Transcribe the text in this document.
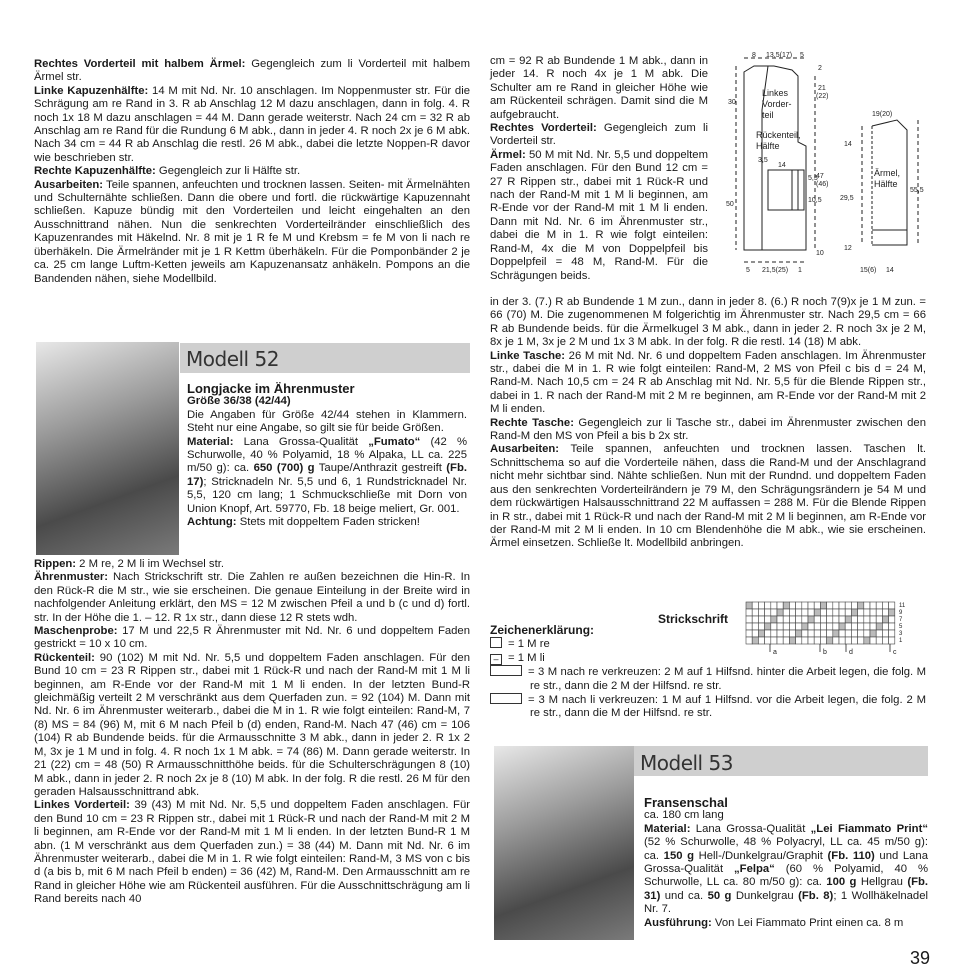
Rechtes Vorderteil mit halbem Ärmel: Gegengleich zum li Vorderteil mit halbem Ärmel str.

Linke Kapuzenhälfte: 14 M mit Nd. Nr. 10 anschlagen. Im Noppenmuster str. Für die Schrägung am re Rand in 3. R ab Anschlag 12 M dazu anschlagen, dann in folg. 4. R noch 1x 18 M dazu anschlagen = 44 M. Dann gerade weiterstr. Nach 24 cm = 32 R ab Anschlag am re Rand für die Rundung 6 M abk., dann in jeder 4. R noch 2x je 6 M abk. Nach 34 cm = 44 R ab Anschlag die restl. 26 M abk., dabei die letzte Noppen-R davor wie beschrieben str.

Rechte Kapuzenhälfte: Gegengleich zur li Hälfte str.

Ausarbeiten: Teile spannen, anfeuchten und trocknen lassen. Seiten- mit Ärmelnähten und Schulternähte schließen. Dann die obere und fortl. die rückwärtige Kapuzennaht schließen. Kapuze bündig mit den Vorderteilen und leicht eingehalten an den Ausschnittrand nähen. Nun die senkrechten Vorderteilränder einschließlich des Kapuzenrandes mit Häkelnd. Nr. 8 mit je 1 R fe M und Krebsm = fe M von li nach re überhäkeln. Die Ärmelränder mit je 1 R Kettm überhäkeln. Für die Pomponbänder 2 je ca. 25 cm lange Luftm-Ketten jeweils am Kapuzenansatz anhäkeln. Pompons an die Bandenden nähen, siehe Modellbild.

Modell 52

Longjacke im Ährenmuster

Größe 36/38 (42/44)

Die Angaben für Größe 42/44 stehen in Klammern. Steht nur eine Angabe, so gilt sie für beide Größen.

Material: Lana Grossa-Qualität „Fumato“ (42 % Schurwolle, 40 % Polyamid, 18 % Alpaka, LL ca. 225 m/50 g): ca. 650 (700) g Taupe/Anthrazit gestreift (Fb. 17); Stricknadeln Nr. 5,5 und 6, 1 Rundstricknadel Nr. 5,5, 120 cm lang; 1 Schmuckschließe mit Dorn von Union Knopf, Art. 59770, Fb. 18 beige meliert, Gr. 001.

Achtung: Stets mit doppeltem Faden stricken!

Rippen: 2 M re, 2 M li im Wechsel str.

Ährenmuster: Nach Strickschrift str. Die Zahlen re außen bezeichnen die Hin-R. In den Rück-R die M str., wie sie erscheinen. Die genaue Einteilung in der Breite wird in nachfolgender Anleitung erklärt, den MS = 12 M zwischen Pfeil a und b (c und d) fortl. str. In der Höhe die 1. – 12. R 1x str., dann diese 12 R stets wdh.

Maschenprobe: 17 M und 22,5 R Ährenmuster mit Nd. Nr. 6 und doppeltem Faden gestrickt = 10 x 10 cm.

Rückenteil: 90 (102) M mit Nd. Nr. 5,5 und doppeltem Faden anschlagen. Für den Bund 10 cm = 23 R Rippen str., dabei mit 1 Rück-R und nach der Rand-M mit 1 M li beginnen, am R-Ende vor der Rand-M mit 1 M li enden. In der letzten Bund-R gleichmäßig verteilt 2 M verschränkt aus dem Querfaden zun. = 92 (104) M. Dann mit Nd. Nr. 6 im Ährenmuster weiterarb., dabei die M in 1. R wie folgt einteilen: Rand-M, 7 (8) MS = 84 (96) M, mit 6 M nach Pfeil b (d) enden, Rand-M. Nach 47 (46) cm = 106 (104) R ab Bundende beids. für die Armausschnitte 3 M abk., dann in jeder 2. R 1x 2 M, 3x je 1 M und in folg. 4. R noch 1x 1 M abk. = 74 (86) M. Dann gerade weiterstr. In 21 (22) cm = 48 (50) R Armausschnitthöhe beids. für die Schulterschrägungen 8 (10) M abk., dann in jeder 2. R noch 2x je 8 (10) M abk. In der folg. R die restl. 26 M für den geraden Halsausschnittrand abk.

Linkes Vorderteil: 39 (43) M mit Nd. Nr. 5,5 und doppeltem Faden anschlagen. Für den Bund 10 cm = 23 R Rippen str., dabei mit 1 Rück-R und nach der Rand-M mit 2 M li beginnen, am R-Ende vor der Rand-M mit 1 M li enden. In der letzten Bund-R 1 M abn. (1 M verschränkt aus dem Querfaden zun.) = 38 (44) M. Dann mit Nd. Nr. 6 im Ährenmuster weiterarb., dabei die M in 1. R wie folgt einteilen: Rand-M, 3 MS von c bis d (a bis b, mit 6 M nach Pfeil b enden) = 36 (42) M, Rand-M. Den Armausschnitt am re Rand in gleicher Höhe wie am Rückenteil ausführen. Für die Ausschnittschrägung am li Rand bereits nach 40

cm = 92 R ab Bundende 1 M abk., dann in jeder 14. R noch 4x je 1 M abk. Die Schulter am re Rand in gleicher Höhe wie am Rückenteil schrägen. Damit sind die M aufgebraucht.

Rechtes Vorderteil: Gegengleich zum li Vorderteil str.

Ärmel: 50 M mit Nd. Nr. 5,5 und doppeltem Faden anschlagen. Für den Bund 12 cm = 27 R Rippen str., dabei mit 1 Rück-R und nach der Rand-M mit 1 M li beginnen, am R-Ende vor der Rand-M mit 1 M li enden. Dann mit Nd. Nr. 6 im Ährenmuster str., dabei die M in 1. R wie folgt einteilen: Rand-M, 4x die M von Doppelpfeil bis Doppelpfeil = 48 M, Rand-M. Für die Schrägungen beids.

8 13,5(17) 5
2
21
(22)
30
47
(46)
10,5
5,5
14
3,5
50
10
5 21,5(25) 1
19(20)
14
29,5
55,5
12
15(6) 14
Linkes
Vorder-
teil
Rückenteil,
Hälfte
Ärmel,
Hälfte

in der 3. (7.) R ab Bundende 1 M zun., dann in jeder 8. (6.) R noch 7(9)x je 1 M zun. = 66 (70) M. Die zugenommenen M folgerichtig im Ährenmuster str. Nach 29,5 cm = 66 R ab Bundende beids. für die Ärmelkugel 3 M abk., dann in jeder 2. R noch 3x je 2 M, 8x je 1 M, 3x je 2 M und 1x 3 M abk. In der folg. R die restl. 14 (18) M abk.

Linke Tasche: 26 M mit Nd. Nr. 6 und doppeltem Faden anschlagen. Im Ährenmuster str., dabei die M in 1. R wie folgt einteilen: Rand-M, 2 MS von Pfeil c bis d = 24 M, Rand-M. Nach 10,5 cm = 24 R ab Anschlag mit Nd. Nr. 5,5 für die Blende Rippen str., dabei in 1. R nach der Rand-M mit 2 M re beginnen, am R-Ende vor der Rand-M mit 2 M li enden.

Rechte Tasche: Gegengleich zur li Tasche str., dabei im Ährenmuster zwischen den Rand-M den MS von Pfeil a bis b 2x str.

Ausarbeiten: Teile spannen, anfeuchten und trocknen lassen. Taschen lt. Schnittschema so auf die Vorderteile nähen, dass die Rand-M und der Anschlagrand nicht mehr sichtbar sind. Nähte schließen. Nun mit der Rundnd. und doppeltem Faden aus den senkrechten Vorderteilrändern je 79 M, den Schrägungsrändern je 54 M und dem rückwärtigen Halsausschnittrand 22 M auffassen = 288 M. Für die Blende Rippen in R str., dabei mit 1 Rück-R und nach der Rand-M mit 2 M li beginnen, am R-Ende vor der Rand-M mit 2 M li enden. In 10 cm Blendenhöhe die M abk., wie sie erscheinen. Ärmel einsetzen. Schließe lt. Modellbild anbringen.

Strickschrift
11
9
7
5
3
1
a	b	d	c

Zeichenerklärung:

= 1 M re

– = 1 M li

= 3 M nach re verkreuzen: 2 M auf 1 Hilfsnd. hinter die Arbeit legen, die folg. M re str., dann die 2 M der Hilfsnd. re str.

= 3 M nach li verkreuzen: 1 M auf 1 Hilfsnd. vor die Arbeit legen, die folg. 2 M re str., dann die M der Hilfsnd. re str.

Modell 53

Fransenschal

ca. 180 cm lang

Material: Lana Grossa-Qualität „Lei Fiammato Print“ (52 % Schurwolle, 48 % Polyacryl, LL ca. 45 m/50 g): ca. 150 g Hell-/Dunkelgrau/Graphit (Fb. 110) und Lana Grossa-Qualität „Felpa“ (60 % Polyamid, 40 % Schurwolle, LL ca. 80 m/50 g): ca. 100 g Hellgrau (Fb. 31) und ca. 50 g Dunkelgrau (Fb. 8); 1 Wollhäkelnadel Nr. 7.

Ausführung: Von Lei Fiammato Print einen ca. 8 m

39
